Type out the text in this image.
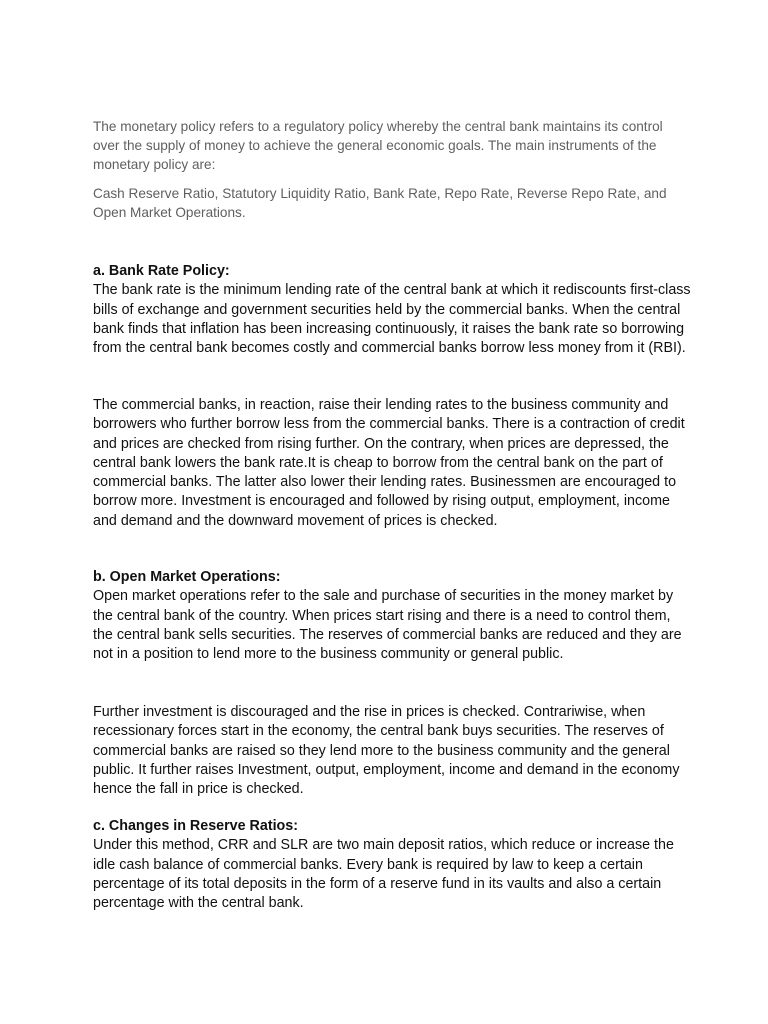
The monetary policy refers to a regulatory policy whereby the central bank maintains its control over the supply of money to achieve the general economic goals. The main instruments of the monetary policy are:

Cash Reserve Ratio, Statutory Liquidity Ratio, Bank Rate, Repo Rate, Reverse Repo Rate, and Open Market Operations.

a. Bank Rate Policy:
The bank rate is the minimum lending rate of the central bank at which it rediscounts first-class bills of exchange and government securities held by the commercial banks. When the central bank finds that inflation has been increasing continuously, it raises the bank rate so borrowing from the central bank becomes costly and commercial banks borrow less money from it (RBI).

The commercial banks, in reaction, raise their lending rates to the business community and borrowers who further borrow less from the commercial banks. There is a contraction of credit and prices are checked from rising further. On the contrary, when prices are depressed, the central bank lowers the bank rate.It is cheap to borrow from the central bank on the part of commercial banks. The latter also lower their lending rates. Businessmen are encouraged to borrow more. Investment is encouraged and followed by rising output, employment, income and demand and the downward movement of prices is checked.

b. Open Market Operations:
Open market operations refer to the sale and purchase of securities in the money market by the central bank of the country. When prices start rising and there is a need to control them, the central bank sells securities. The reserves of commercial banks are reduced and they are not in a position to lend more to the business community or general public.

Further investment is discouraged and the rise in prices is checked. Contrariwise, when recessionary forces start in the economy, the central bank buys securities. The reserves of commercial banks are raised so they lend more to the business community and the general public. It further raises Investment, output, employment, income and demand in the economy hence the fall in price is checked.

c. Changes in Reserve Ratios:
Under this method, CRR and SLR are two main deposit ratios, which reduce or increase the idle cash balance of commercial banks. Every bank is required by law to keep a certain percentage of its total deposits in the form of a reserve fund in its vaults and also a certain percentage with the central bank.
